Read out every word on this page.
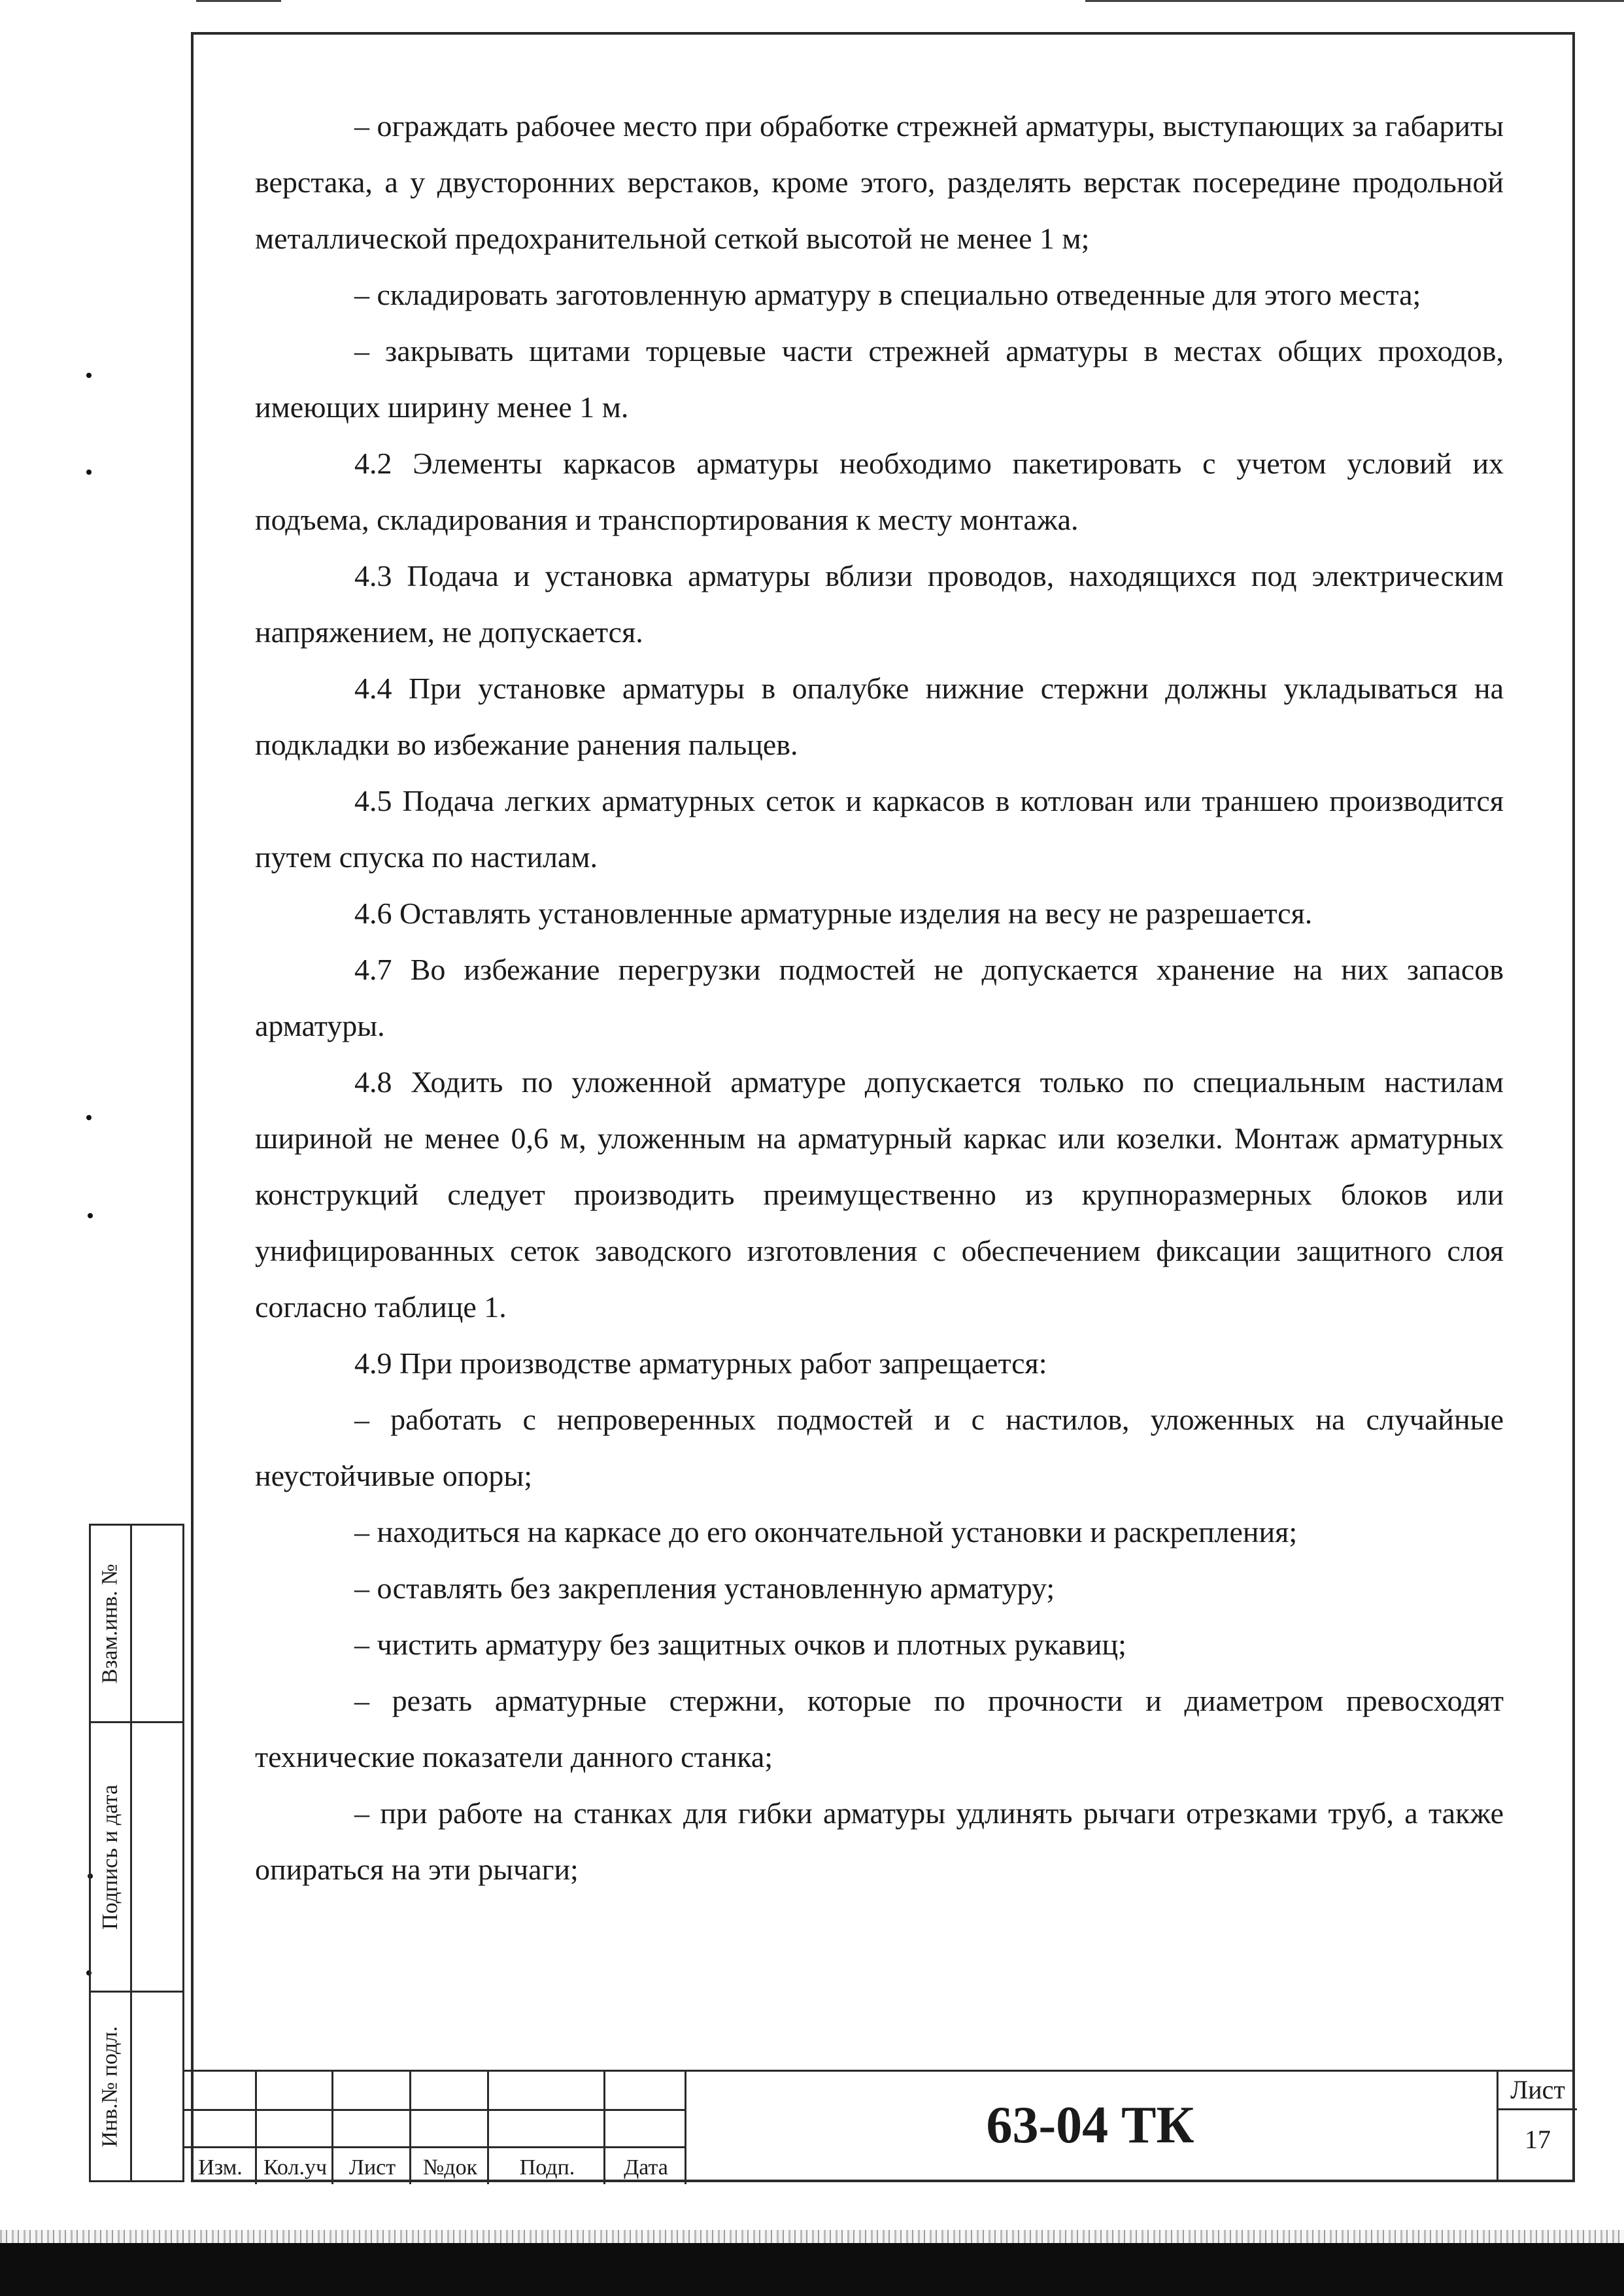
– ограждать рабочее место при обработке стрежней арматуры, выступающих за габариты верстака, а у двусторонних верстаков, кроме этого, разделять верстак посередине продольной металлической предохранительной сеткой высотой не менее 1 м;

– складировать заготовленную арматуру в специально отведенные для этого места;

– закрывать щитами торцевые части стрежней арматуры в местах общих проходов, имеющих ширину менее 1 м.

4.2 Элементы каркасов арматуры необходимо пакетировать с учетом условий их подъема, складирования и транспортирования к месту монтажа.

4.3 Подача и установка арматуры вблизи проводов, находящихся под электрическим напряжением, не допускается.

4.4 При установке арматуры в опалубке нижние стержни должны укладываться на подкладки во избежание ранения пальцев.

4.5 Подача легких арматурных сеток и каркасов в котлован или траншею производится путем спуска по настилам.

4.6 Оставлять установленные арматурные изделия на весу не разрешается.

4.7 Во избежание перегрузки подмостей не допускается хранение на них запасов арматуры.

4.8 Ходить по уложенной арматуре допускается только по специальным настилам шириной не менее 0,6 м, уложенным на арматурный каркас или козелки. Монтаж арматурных конструкций следует производить преимущественно из крупноразмерных блоков или унифицированных сеток заводского изготовления с обеспечением фиксации защитного слоя согласно таблице 1.

4.9 При производстве арматурных работ запрещается:

– работать с непроверенных подмостей и с настилов, уложенных на случайные неустойчивые опоры;

– находиться на каркасе до его окончательной установки и раскрепления;

– оставлять без закрепления установленную арматуру;

– чистить арматуру без защитных очков и плотных рукавиц;

– резать арматурные стержни, которые по прочности и диаметром превосходят технические показатели данного станка;

– при работе на станках для гибки арматуры удлинять рычаги отрезками труб, а также опираться на эти рычаги;

Взам.инв. №
Подпись и дата
Инв.№ подл.
Изм. Кол.уч Лист	№док	Подп.	Дата
63-04 ТК
Лист
17
